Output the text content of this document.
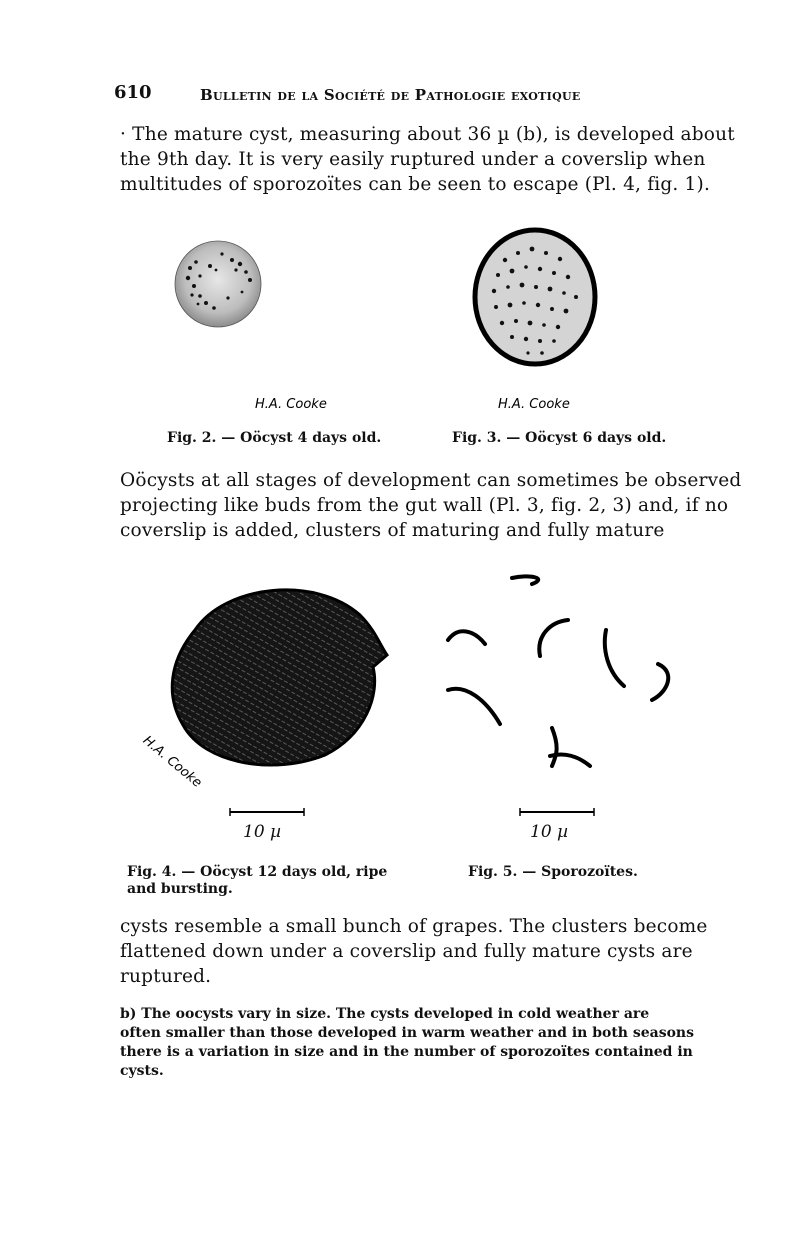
610	Bulletin de la Société de Pathologie exotique
· The mature cyst, measuring about 36 µ (b), is developed about
the 9th day. It is very easily ruptured under a coverslip when
multitudes of sporozoïtes can be seen to escape (Pl. 4, fig. 1).
H.A. Cooke
Fig. 2. — Oöcyst 4 days old.
H.A. Cooke
Fig. 3. — Oöcyst 6 days old.
Oöcysts at all stages of development can sometimes be observed
projecting like buds from the gut wall (Pl. 3, fig. 2, 3) and, if no
coverslip is added, clusters of maturing and fully mature
H.A. Cooke
10 µ
Fig. 4. — Oöcyst 12 days old, ripe and bursting.
10 µ
Fig. 5. — Sporozoïtes.
cysts resemble a small bunch of grapes. The clusters become
flattened down under a coverslip and fully mature cysts are
ruptured.
b) The oocysts vary in size. The cysts developed in cold weather are
often smaller than those developed in warm weather and in both seasons
there is a variation in size and in the number of sporozoïtes contained in
cysts.
